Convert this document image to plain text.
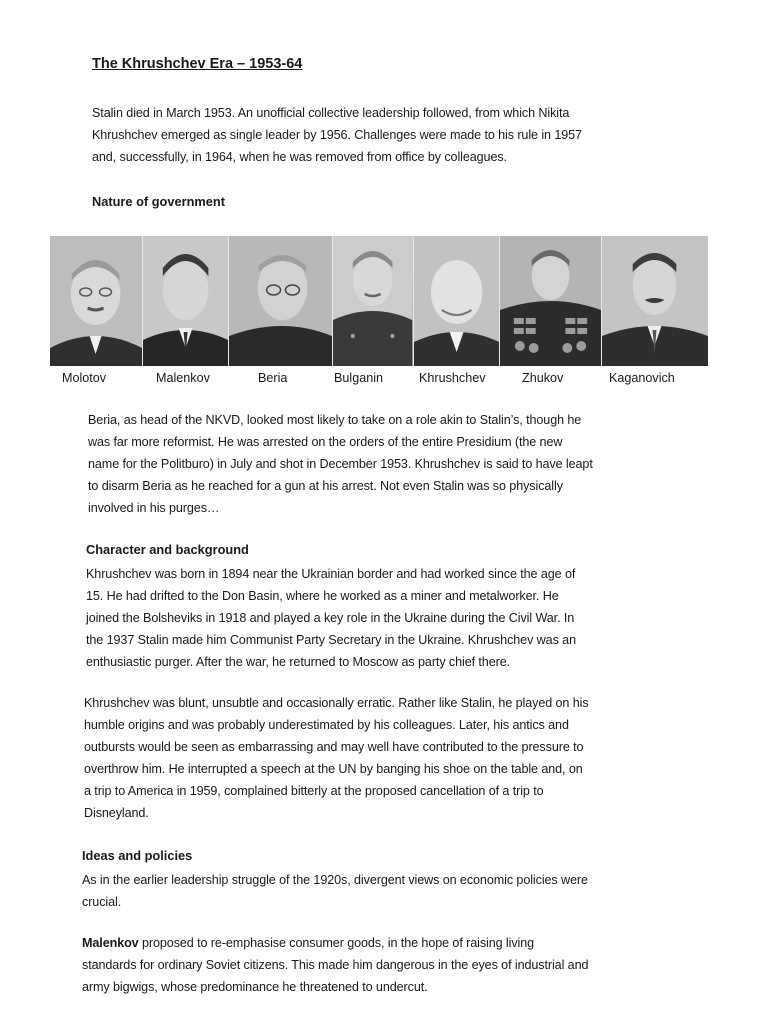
The Khrushchev Era – 1953-64

Stalin died in March 1953. An unofficial collective leadership followed, from which Nikita
Khrushchev emerged as single leader by 1956. Challenges were made to his rule in 1957
and, successfully, in 1964, when he was removed from office by colleagues.

Nature of government
Molotov	Malenkov	Beria	Bulganin	Khrushchev	Zhukov	Kaganovich

Beria, as head of the NKVD, looked most likely to take on a role akin to Stalin’s, though he
was far more reformist. He was arrested on the orders of the entire Presidium (the new
name for the Politburo) in July and shot in December 1953. Khrushchev is said to have leapt
to disarm Beria as he reached for a gun at his arrest. Not even Stalin was so physically
involved in his purges…

Character and background

Khrushchev was born in 1894 near the Ukrainian border and had worked since the age of
15. He had drifted to the Don Basin, where he worked as a miner and metalworker. He
joined the Bolsheviks in 1918 and played a key role in the Ukraine during the Civil War. In
the 1937 Stalin made him Communist Party Secretary in the Ukraine. Khrushchev was an
enthusiastic purger. After the war, he returned to Moscow as party chief there.

Khrushchev was blunt, unsubtle and occasionally erratic. Rather like Stalin, he played on his
humble origins and was probably underestimated by his colleagues. Later, his antics and
outbursts would be seen as embarrassing and may well have contributed to the pressure to
overthrow him. He interrupted a speech at the UN by banging his shoe on the table and, on
a trip to America in 1959, complained bitterly at the proposed cancellation of a trip to
Disneyland.

Ideas and policies

As in the earlier leadership struggle of the 1920s, divergent views on economic policies were
crucial.

Malenkov proposed to re-emphasise consumer goods, in the hope of raising living
standards for ordinary Soviet citizens. This made him dangerous in the eyes of industrial and
army bigwigs, whose predominance he threatened to undercut.
